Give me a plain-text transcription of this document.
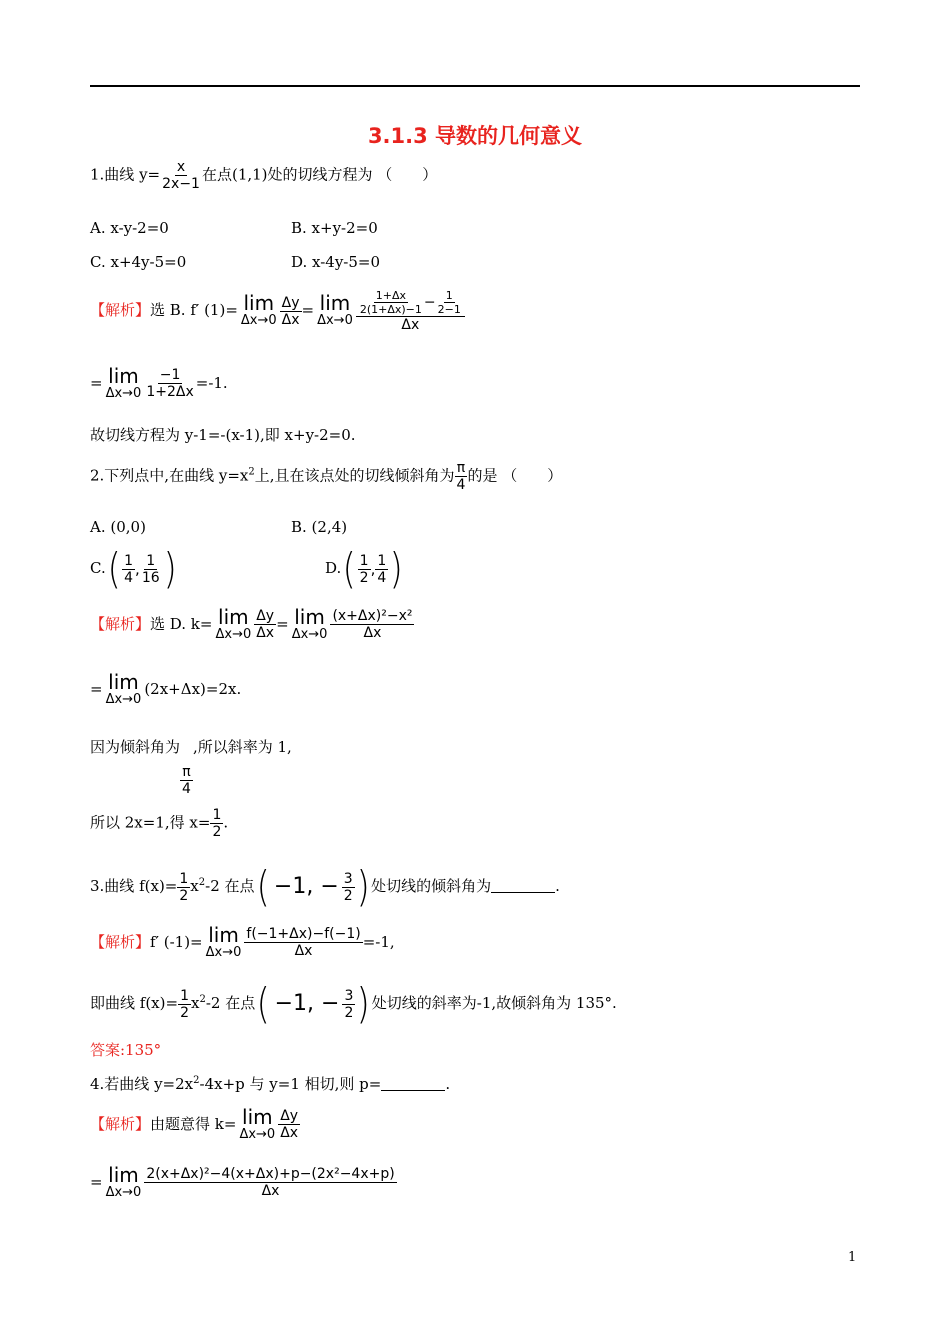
3.1.3 导数的几何意义
1.曲线 $y= \frac{x}{2x-1}$ 在点(1,1)处的切线方程为 （　　）
A. x-y-2=0	B. x+y-2=0
C. x+4y-5=0	D. x-4y-5=0
【解析】选 B. f′ (1)= lim
$\Delta x\to 0 \frac{\Delta y}{\Delta x} = \lim$
$\Delta x\to 0 \frac{\frac{1+\Delta x}{2(1+\Delta x)-1} - \frac{1}{2-1}}{\Delta x}$
= lim
$\Delta x\to 0 \frac{-1}{1+2\Delta x} =-1$.
故切线方程为 y-1=-(x-1),即 x+y-2=0.
2.下列点中,在曲线 $y=x^2$上,且在该点处的切线倾斜角为 $\frac{\pi}{4}$ 的是 （　　）
A. (0,0)	B. (2,4)
C. ( $\frac{1}{4}$ , $\frac{1}{16}$ )	D. ( $\frac{1}{2}$ , $\frac{1}{4}$ )
【解析】选 D. k= lim
$\Delta x\to 0 \frac{\Delta y}{\Delta x} = \lim$
$\Delta x\to 0 \frac{\text{(x+Δx)²−x²}}{\Delta x}$
= lim
Δx→0
(2x+Δx)=2x.
因为倾斜角为
$\frac{\pi}{4}$
,所以斜率为 1,
所以 2x=1,得 $x= \frac{1}{2}$ .
3.曲线 $f(x)= \frac{1}{2} x^2-2$ 在点 ( −1, − $\frac{3}{2}$ ) 处切线的倾斜角为	.
【解析】f′ (-1)= lim
$\Delta x\to 0 \frac{f(-1+\Delta x)-f(-1)}{\Delta x} =-1$,
即曲线 $f(x)= \frac{1}{2} x^2-2$ 在点 ( −1, − $\frac{3}{2}$ ) 处切线的斜率为-1,故倾斜角为 135°.
答案:135°
4.若曲线 $y=2x^2-4x+p$ 与 y=1 相切,则 p=	.
【解析】由题意得 k= lim
$\Delta x\to 0 \frac{\Delta y}{\Delta x}$
= lim
$\Delta x\to 0 \frac{\text{2(x+Δx)²−4(x+Δx)+p−(2x²−4x+p)}}{\Delta x}$
1
